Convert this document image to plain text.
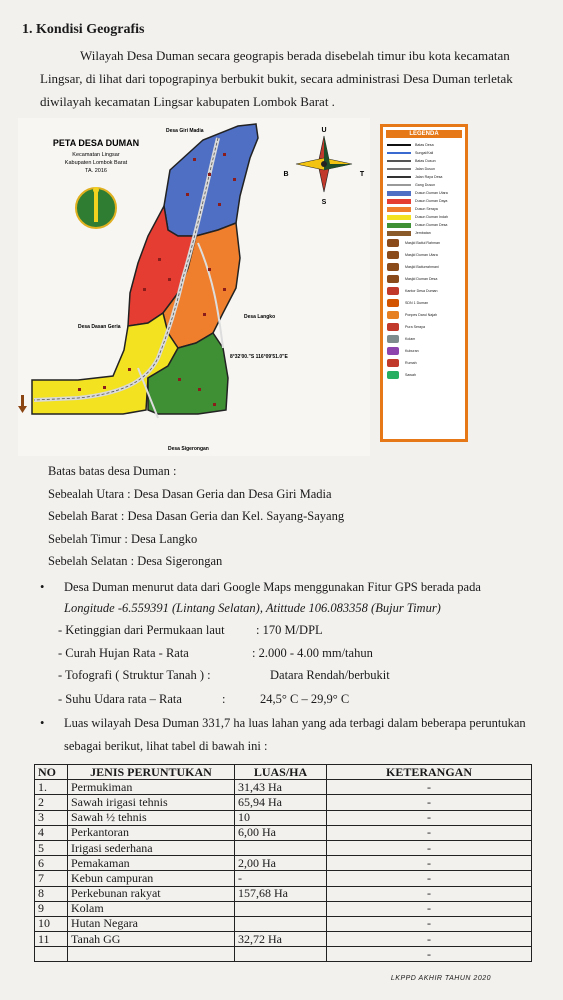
1. Kondisi Geografis
Wilayah Desa Duman secara geograpis berada disebelah timur ibu kota kecamatan Lingsar, di lihat dari topograpinya berbukit bukit, secara administrasi Desa Duman terletak diwilayah kecamatan Lingsar kabupaten Lombok Barat .
PETA DESA DUMAN
Kecamatan Lingsar
Kabupaten Lombok Barat
TA. 2016
Desa Giri Madia
Desa Dasan Geria
Desa Langko
Desa Sigerongan
8°32'00."S 116°09'51.0"E
U
S
T
B
LEGENDA
Batas Desa
Sungai/Kali
Batas Dusun
Jalan Dusun
Jalan Raya Desa
Gang Dusun
Dusun Duman Utara
Dusun Duman Daya
Dusun Seraya
Dusun Duman Indah
Dusun Duman Desa
Jembatan
Masjid Baitul Rahman
Masjid Duman Utara
Masjid Baiturrahmani
Masjid Duman Desa
Kantor Desa Duman
SDN 1 Duman
Ponpes Darul Najah
Pura Seraya
Kolam
Kuburan
Rumah
Sawah
Batas batas desa Duman :
Sebealah Utara : Desa Dasan Geria dan Desa Giri Madia
Sebelah Barat : Desa Dasan Geria dan Kel. Sayang-Sayang
Sebelah Timur : Desa Langko
Sebelah Selatan : Desa Sigerongan
• Desa Duman menurut data dari Google Maps menggunakan Fitur GPS berada pada
Longitude -6.559391 (Lintang Selatan), Atittude 106.083358 (Bujur Timur)
- Ketinggian dari Permukaan laut	: 170 M/DPL
- Curah Hujan Rata - Rata	: 2.000 - 4.00 mm/tahun
- Tofografi ( Struktur Tanah ) :	Datara Rendah/berbukit
- Suhu Udara rata – Rata	:	24,5° C – 29,9° C
• Luas wilayah Desa Duman 331,7 ha luas lahan yang ada terbagi dalam beberapa peruntukan sebagai berikut, lihat tabel di bawah ini :
NO	JENIS PERUNTUKAN	LUAS/HA	KETERANGAN
1.	Permukiman	31,43 Ha	-
2	Sawah irigasi tehnis	65,94 Ha	-
3	Sawah ½ tehnis	10	-
4	Perkantoran	6,00 Ha	-
5	Irigasi sederhana		-
6	Pemakaman	2,00 Ha	-
7	Kebun campuran	-	-
8	Perkebunan rakyat	157,68 Ha	-
9	Kolam		-
10	Hutan Negara		-
11	Tanah GG	32,72 Ha	-
			-
LKPPD AKHIR TAHUN 2020
